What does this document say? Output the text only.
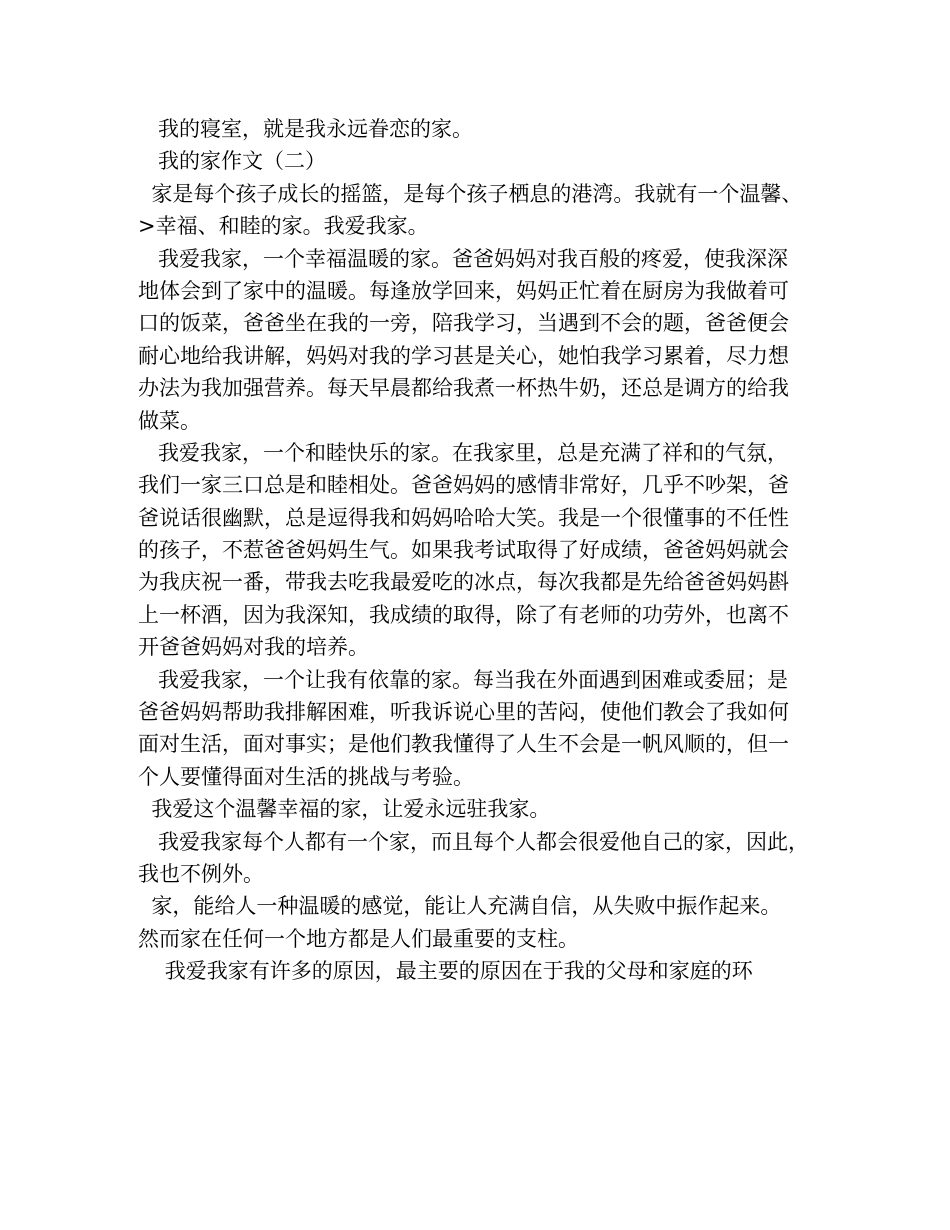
我的寝室，就是我永远眷恋的家。
我的家作文（二）
家是每个孩子成长的摇篮，是每个孩子栖息的港湾。我就有一个温馨、
>幸福、和睦的家。我爱我家。
我爱我家，一个幸福温暖的家。爸爸妈妈对我百般的疼爱，使我深深
地体会到了家中的温暖。每逢放学回来，妈妈正忙着在厨房为我做着可
口的饭菜，爸爸坐在我的一旁，陪我学习，当遇到不会的题，爸爸便会
耐心地给我讲解，妈妈对我的学习甚是关心，她怕我学习累着，尽力想
办法为我加强营养。每天早晨都给我煮一杯热牛奶，还总是调方的给我
做菜。
我爱我家，一个和睦快乐的家。在我家里，总是充满了祥和的气氛，
我们一家三口总是和睦相处。爸爸妈妈的感情非常好，几乎不吵架，爸
爸说话很幽默，总是逗得我和妈妈哈哈大笑。我是一个很懂事的不任性
的孩子，不惹爸爸妈妈生气。如果我考试取得了好成绩，爸爸妈妈就会
为我庆祝一番，带我去吃我最爱吃的冰点，每次我都是先给爸爸妈妈斟
上一杯酒，因为我深知，我成绩的取得，除了有老师的功劳外，也离不
开爸爸妈妈对我的培养。
我爱我家，一个让我有依靠的家。每当我在外面遇到困难或委屈；是
爸爸妈妈帮助我排解困难，听我诉说心里的苦闷，使他们教会了我如何
面对生活，面对事实；是他们教我懂得了人生不会是一帆风顺的，但一
个人要懂得面对生活的挑战与考验。
我爱这个温馨幸福的家，让爱永远驻我家。
我爱我家每个人都有一个家，而且每个人都会很爱他自己的家，因此，
我也不例外。
家，能给人一种温暖的感觉，能让人充满自信，从失败中振作起来。
然而家在任何一个地方都是人们最重要的支柱。
我爱我家有许多的原因，最主要的原因在于我的父母和家庭的环
